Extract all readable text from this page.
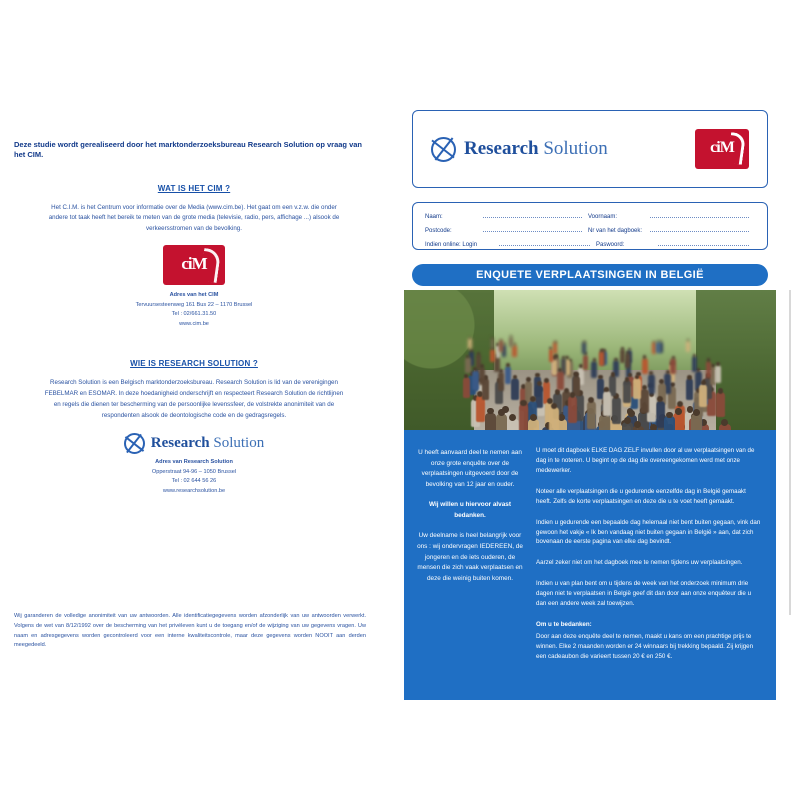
Deze studie wordt gerealiseerd door het marktonderzoeksbureau Research Solution op vraag van het CIM.

WAT IS HET CIM ?
Het C.I.M. is het Centrum voor informatie over de Media (www.cim.be). Het gaat om een v.z.w. die onder andere tot taak heeft het bereik te meten van de grote media (televisie, radio, pers, affichage ...) alsook de verkeersstromen van de bevolking.
ciM
Adres van het CIM
Tervuursesteenweg 161 Bus 22 – 1170 Brussel
Tel : 02/661.31.50
www.cim.be
WIE IS RESEARCH SOLUTION ?
Research Solution is een Belgisch marktonderzoeksbureau. Research Solution is lid van de verenigingen FEBELMAR en ESOMAR. In deze hoedanigheid onderschrijft en respecteert Research Solution de richtlijnen en regels die dienen ter bescherming van de persoonlijke levenssfeer, de volstrekte anonimiteit van de respondenten alsook de deontologische code en de gedragsregels.
Research Solution
Adres van Research Solution
Opperstraat 94-96 – 1050 Brussel
Tel : 02 644 56 26
www.researchsolution.be
Wij garanderen de volledige anonimiteit van uw antwoorden. Alle identificatiegegevens worden afzonderlijk van uw antwoorden verwerkt. Volgens de wet van 8/12/1992 over de bescherming van het privéleven kunt u de toegang en/of de wijziging van uw gegevens vragen. Uw naam en adresgegevens worden gecontroleerd voor een interne kwaliteitscontrole, maar deze gegevens worden NOOIT aan derden meegedeeld.
Research Solution	ciM
Naam:	Voornaam:
Postcode:	Nr van het dagboek:
Indien online: Login	Paswoord:
ENQUETE VERPLAATSINGEN IN BELGIË
U heeft aanvaard deel te nemen aan onze grote enquête over de verplaatsingen uitgevoerd door de bevolking van 12 jaar en ouder.
Wij willen u hiervoor alvast bedanken.
Uw deelname is heel belangrijk voor ons : wij ondervragen IEDEREEN, de jongeren en de iets ouderen, de mensen die zich vaak verplaatsen en deze die weinig buiten komen.

U moet dit dagboek ELKE DAG ZELF invullen door al uw verplaatsingen van de dag in te noteren. U begint op de dag die overeengekomen werd met onze medewerker.

Noteer alle verplaatsingen die u gedurende eenzelfde dag in België gemaakt heeft. Zelfs de korte verplaatsingen en deze die u te voet heeft gemaakt.

Indien u gedurende een bepaalde dag helemaal niet bent buiten gegaan, vink dan gewoon het vakje « Ik ben vandaag niet buiten gegaan in België » aan, dat zich bovenaan de eerste pagina van elke dag bevindt.

Aarzel zeker niet om het dagboek mee te nemen tijdens uw verplaatsingen.

Indien u van plan bent om u tijdens de week van het onderzoek minimum drie dagen niet te verplaatsen in België geef dit dan door aan onze enquêteur die u dan een andere week zal toewijzen.

Om u te bedanken:

Door aan deze enquête deel te nemen, maakt u kans om een prachtige prijs te winnen. Elke 2 maanden worden er 24 winnaars bij trekking bepaald. Zij krijgen een cadeaubon die varieert tussen 20 € en 250 €.
